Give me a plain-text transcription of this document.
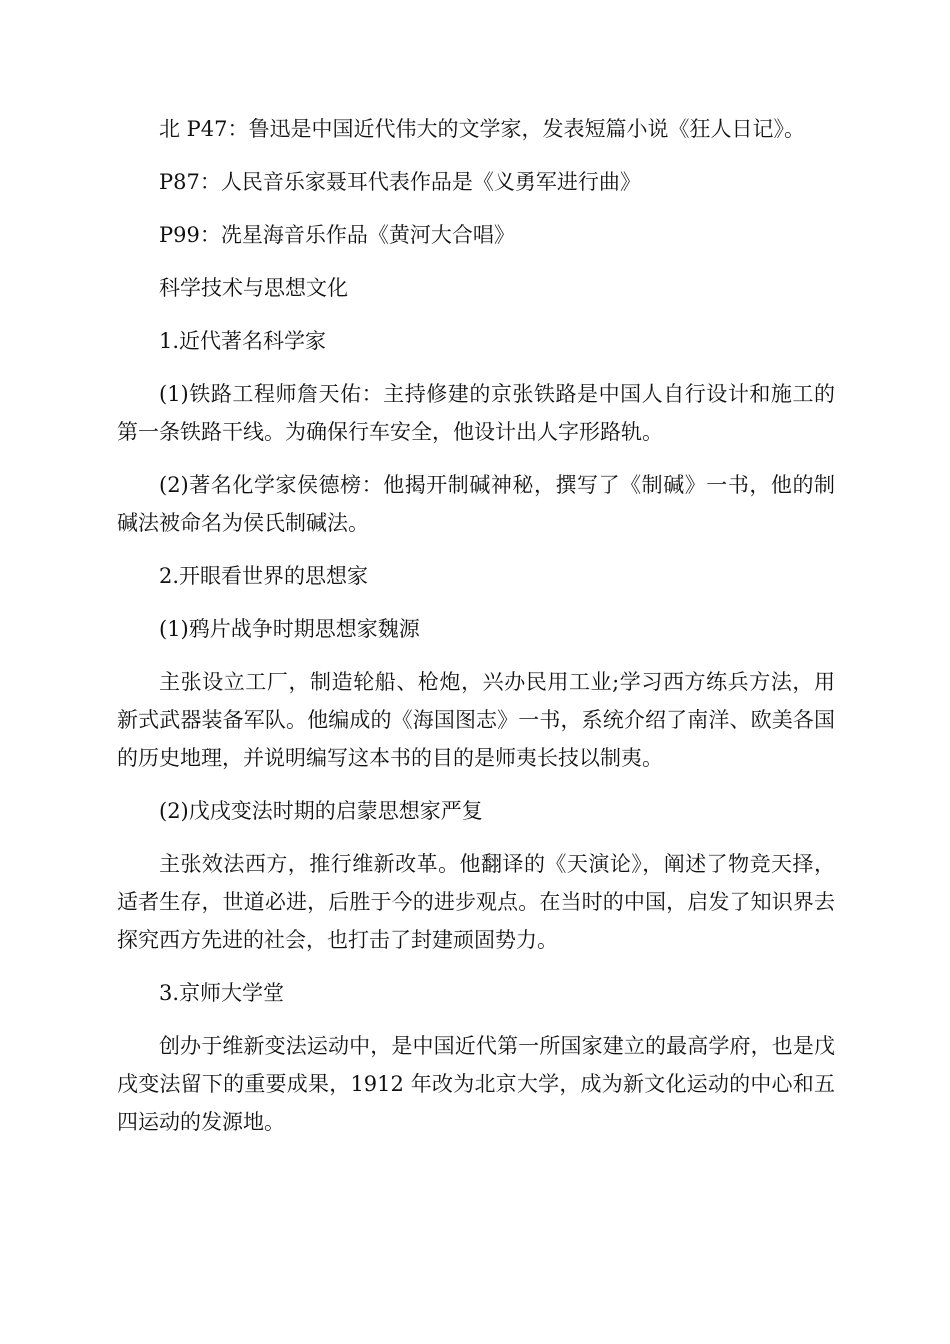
北 P47：鲁迅是中国近代伟大的文学家，发表短篇小说《狂人日记》。

P87：人民音乐家聂耳代表作品是《义勇军进行曲》

P99：冼星海音乐作品《黄河大合唱》

科学技术与思想文化

1.近代著名科学家

(1)铁路工程师詹天佑：主持修建的京张铁路是中国人自行设计和施工的第一条铁路干线。为确保行车安全，他设计出人字形路轨。

(2)著名化学家侯德榜：他揭开制碱神秘，撰写了《制碱》一书，他的制碱法被命名为侯氏制碱法。

2.开眼看世界的思想家

(1)鸦片战争时期思想家魏源

主张设立工厂，制造轮船、枪炮，兴办民用工业;学习西方练兵方法，用新式武器装备军队。他编成的《海国图志》一书，系统介绍了南洋、欧美各国的历史地理，并说明编写这本书的目的是师夷长技以制夷。

(2)戊戌变法时期的启蒙思想家严复

主张效法西方，推行维新改革。他翻译的《天演论》，阐述了物竞天择，适者生存，世道必进，后胜于今的进步观点。在当时的中国，启发了知识界去探究西方先进的社会，也打击了封建顽固势力。

3.京师大学堂

创办于维新变法运动中，是中国近代第一所国家建立的最高学府，也是戊戌变法留下的重要成果，1912 年改为北京大学，成为新文化运动的中心和五四运动的发源地。
